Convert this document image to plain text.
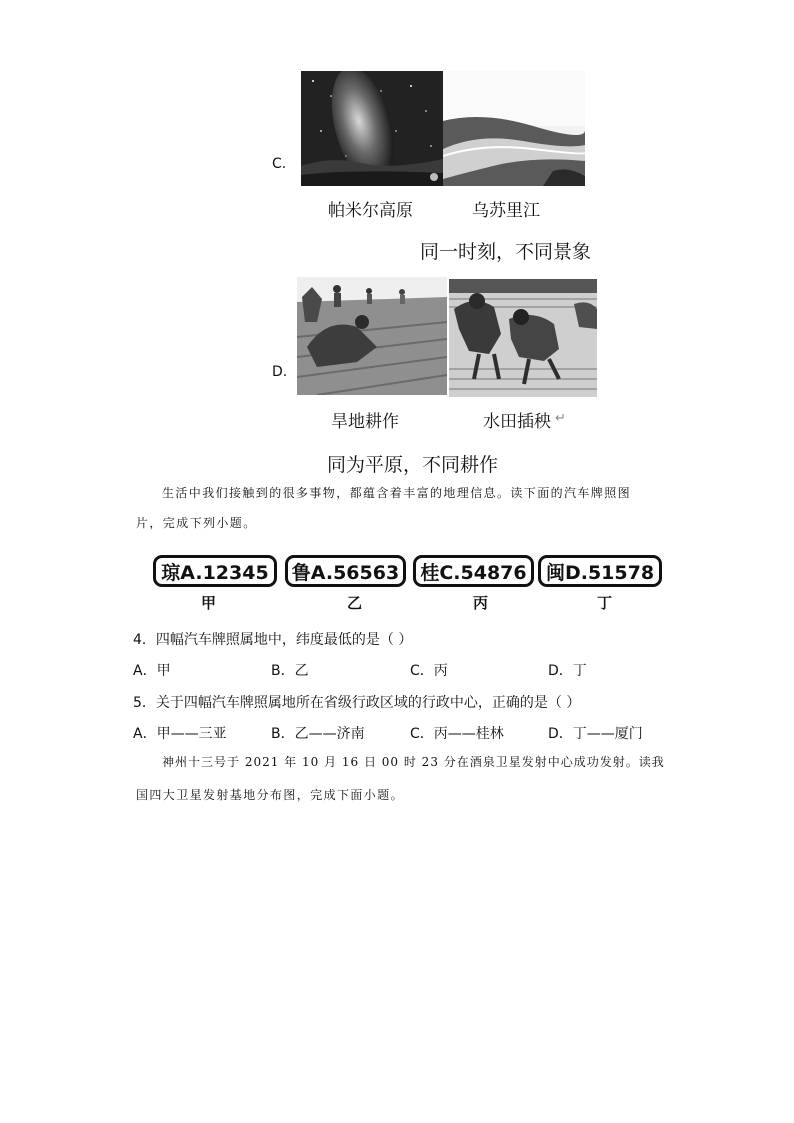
C.
帕米尔高原	乌苏里江
同一时刻，不同景象
D.
旱地耕作	水田插秧 ↵
同为平原，不同耕作
生活中我们接触到的很多事物，都蕴含着丰富的地理信息。读下面的汽车牌照图
片，完成下列小题。
琼A.12345 鲁A.56563 桂C.54876 闽D.51578
甲	乙	丙	丁
4．四幅汽车牌照属地中，纬度最低的是（ ）
A．甲	B．乙	C．丙	D．丁
5．关于四幅汽车牌照属地所在省级行政区域的行政中心，正确的是（ ）
A．甲——三亚	B．乙——济南	C．丙——桂林	D．丁——厦门
神州十三号于 2021 年 10 月 16 日 00 时 23 分在酒泉卫星发射中心成功发射。读我
国四大卫星发射基地分布图，完成下面小题。
